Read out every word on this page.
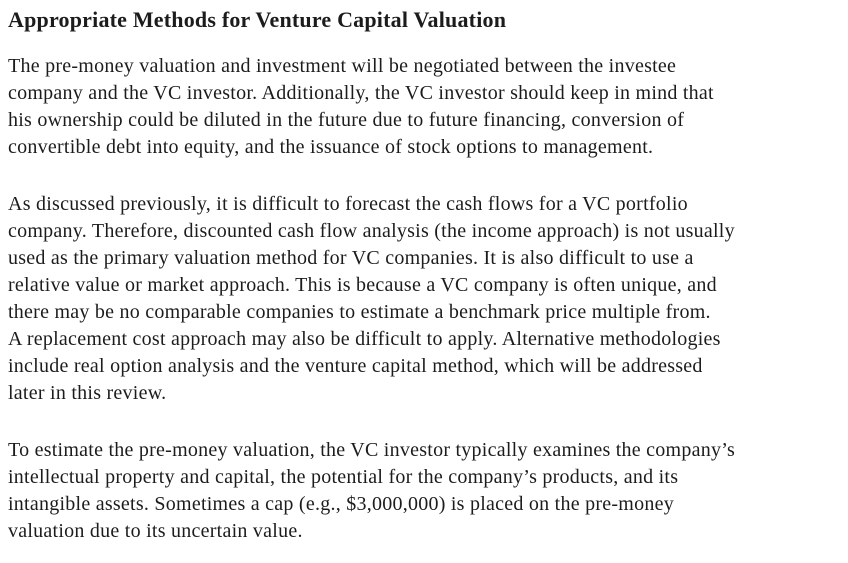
Appropriate Methods for Venture Capital Valuation
The pre-money valuation and investment will be negotiated between the investee
company and the VC investor. Additionally, the VC investor should keep in mind that
his ownership could be diluted in the future due to future financing, conversion of
convertible debt into equity, and the issuance of stock options to management.
As discussed previously, it is difficult to forecast the cash flows for a VC portfolio
company. Therefore, discounted cash flow analysis (the income approach) is not usually
used as the primary valuation method for VC companies. It is also difficult to use a
relative value or market approach. This is because a VC company is often unique, and
there may be no comparable companies to estimate a benchmark price multiple from.
A replacement cost approach may also be difficult to apply. Alternative methodologies
include real option analysis and the venture capital method, which will be addressed
later in this review.
To estimate the pre-money valuation, the VC investor typically examines the company’s
intellectual property and capital, the potential for the company’s products, and its
intangible assets. Sometimes a cap (e.g., $3,000,000) is placed on the pre-money
valuation due to its uncertain value.
